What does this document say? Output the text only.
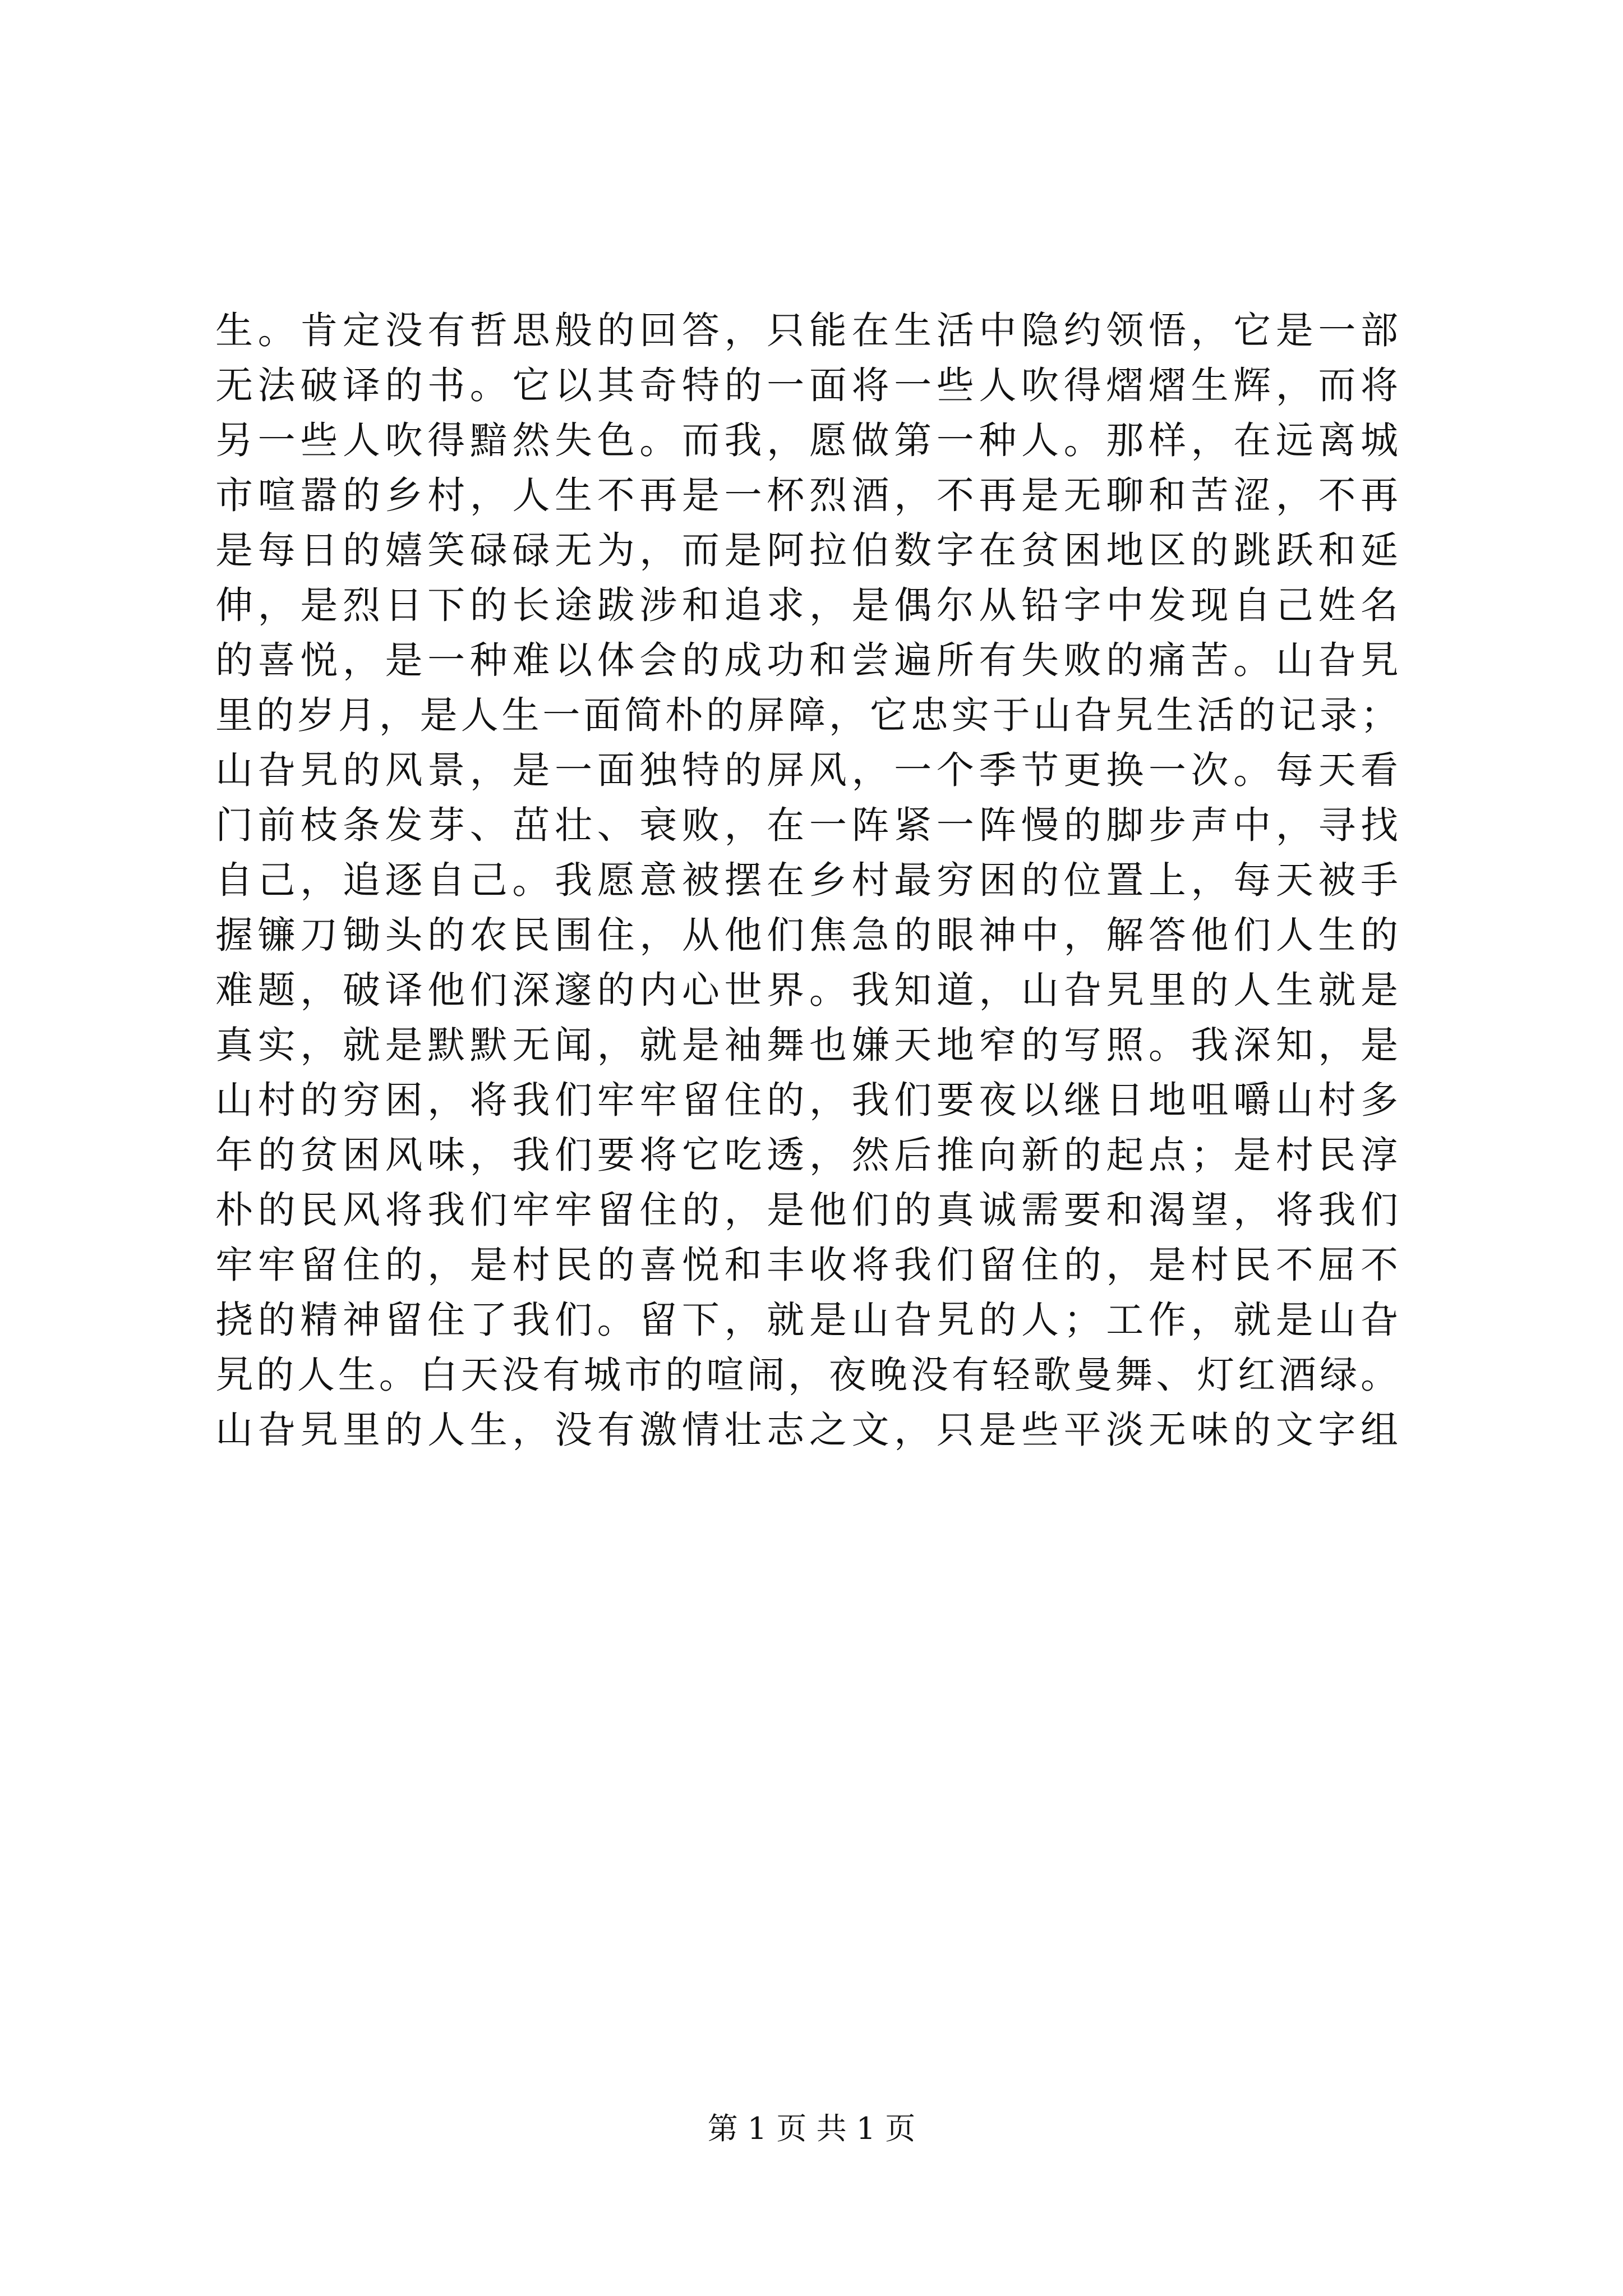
生。肯定没有哲思般的回答，只能在生活中隐约领悟，它是一部
无法破译的书。它以其奇特的一面将一些人吹得熠熠生辉，而将
另一些人吹得黯然失色。而我，愿做第一种人。那样，在远离城
市喧嚣的乡村，人生不再是一杯烈酒，不再是无聊和苦涩，不再
是每日的嬉笑碌碌无为，而是阿拉伯数字在贫困地区的跳跃和延
伸，是烈日下的长途跋涉和追求，是偶尔从铅字中发现自己姓名
的喜悦，是一种难以体会的成功和尝遍所有失败的痛苦。山旮旯
里的岁月，是人生一面简朴的屏障，它忠实于山旮旯生活的记录；
山旮旯的风景，是一面独特的屏风，一个季节更换一次。每天看
门前枝条发芽、茁壮、衰败，在一阵紧一阵慢的脚步声中，寻找
自己，追逐自己。我愿意被摆在乡村最穷困的位置上，每天被手
握镰刀锄头的农民围住，从他们焦急的眼神中，解答他们人生的
难题，破译他们深邃的内心世界。我知道，山旮旯里的人生就是
真实，就是默默无闻，就是袖舞也嫌天地窄的写照。我深知，是
山村的穷困，将我们牢牢留住的，我们要夜以继日地咀嚼山村多
年的贫困风味，我们要将它吃透，然后推向新的起点；是村民淳
朴的民风将我们牢牢留住的，是他们的真诚需要和渴望，将我们
牢牢留住的，是村民的喜悦和丰收将我们留住的，是村民不屈不
挠的精神留住了我们。留下，就是山旮旯的人；工作，就是山旮
旯的人生。白天没有城市的喧闹，夜晚没有轻歌曼舞、灯红酒绿。
山旮旯里的人生，没有激情壮志之文，只是些平淡无味的文字组
第 1 页 共 1 页
